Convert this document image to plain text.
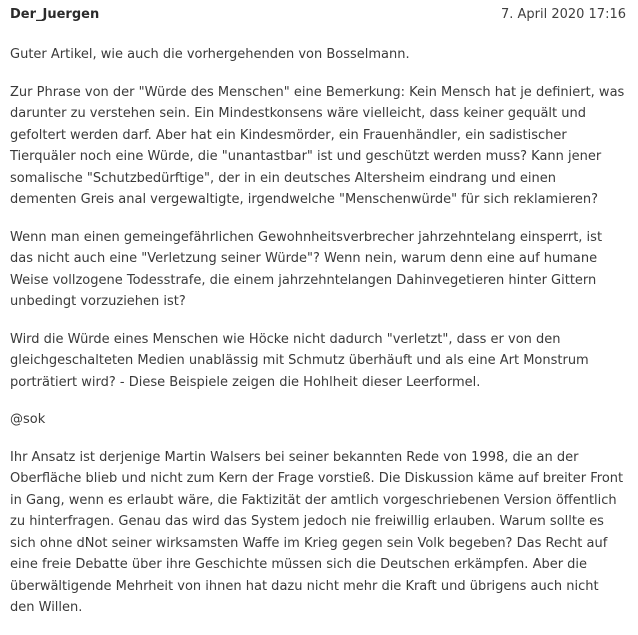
Der_Juergen	7. April 2020 17:16

Guter Artikel, wie auch die vorhergehenden von Bosselmann.

Zur Phrase von der "Würde des Menschen" eine Bemerkung: Kein Mensch hat je definiert, was darunter zu verstehen sein. Ein Mindestkonsens wäre vielleicht, dass keiner gequält und gefoltert werden darf. Aber hat ein Kindesmörder, ein Frauenhändler, ein sadistischer Tierquäler noch eine Würde, die "unantastbar" ist und geschützt werden muss? Kann jener somalische "Schutzbedürftige", der in ein deutsches Altersheim eindrang und einen dementen Greis anal vergewaltigte, irgendwelche "Menschenwürde" für sich reklamieren?

Wenn man einen gemeingefährlichen Gewohnheitsverbrecher jahrzehntelang einsperrt, ist das nicht auch eine "Verletzung seiner Würde"? Wenn nein, warum denn eine auf humane Weise vollzogene Todesstrafe, die einem jahrzehntelangen Dahinvegetieren hinter Gittern unbedingt vorzuziehen ist?

Wird die Würde eines Menschen wie Höcke nicht dadurch "verletzt", dass er von den gleichgeschalteten Medien unablässig mit Schmutz überhäuft und als eine Art Monstrum porträtiert wird? - Diese Beispiele zeigen die Hohlheit dieser Leerformel.

@sok

Ihr Ansatz ist derjenige Martin Walsers bei seiner bekannten Rede von 1998, die an der Oberfläche blieb und nicht zum Kern der Frage vorstieß. Die Diskussion käme auf breiter Front in Gang, wenn es erlaubt wäre, die Faktizität der amtlich vorgeschriebenen Version öffentlich zu hinterfragen. Genau das wird das System jedoch nie freiwillig erlauben. Warum sollte es sich ohne dNot seiner wirksamsten Waffe im Krieg gegen sein Volk begeben? Das Recht auf eine freie Debatte über ihre Geschichte müssen sich die Deutschen erkämpfen. Aber die überwältigende Mehrheit von ihnen hat dazu nicht mehr die Kraft und übrigens auch nicht den Willen.
